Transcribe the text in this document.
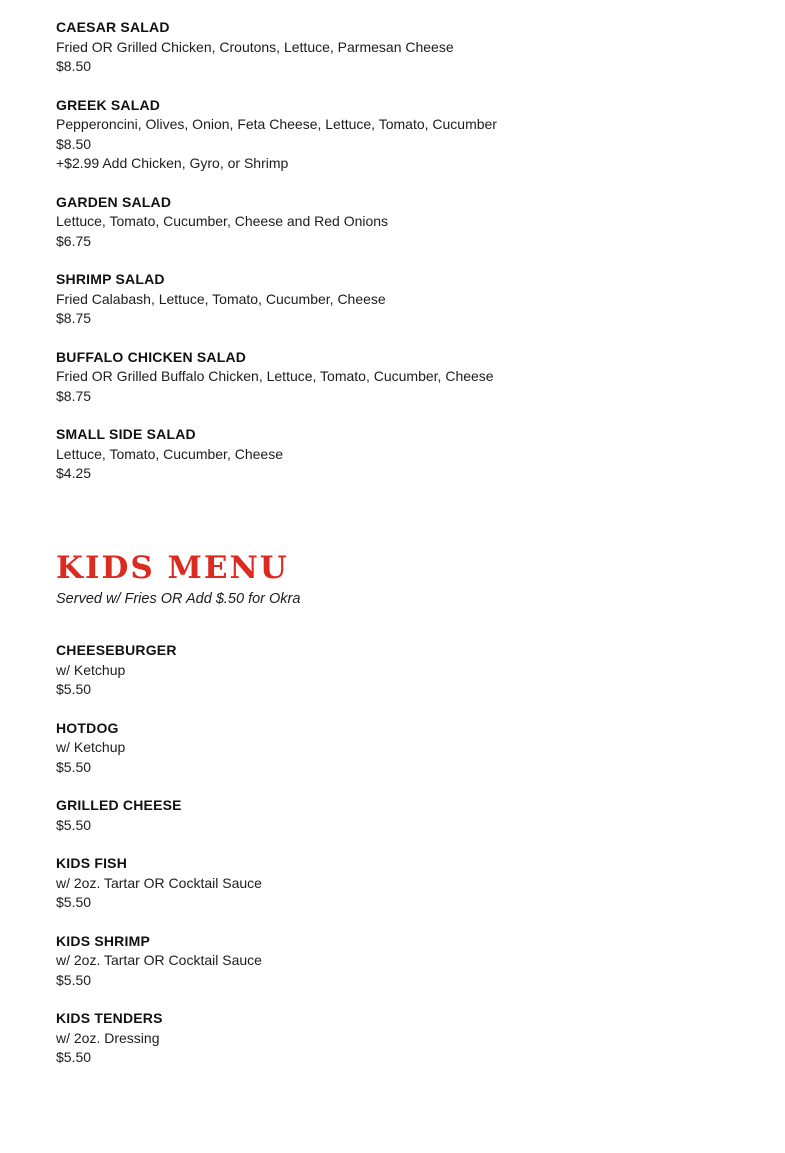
CAESAR SALAD
Fried OR Grilled Chicken, Croutons, Lettuce, Parmesan Cheese
$8.50
GREEK SALAD
Pepperoncini, Olives, Onion, Feta Cheese, Lettuce, Tomato, Cucumber
$8.50
+$2.99 Add Chicken, Gyro, or Shrimp
GARDEN SALAD
Lettuce, Tomato, Cucumber, Cheese and Red Onions
$6.75
SHRIMP SALAD
Fried Calabash, Lettuce, Tomato, Cucumber, Cheese
$8.75
BUFFALO CHICKEN SALAD
Fried OR Grilled Buffalo Chicken, Lettuce, Tomato, Cucumber, Cheese
$8.75
SMALL SIDE SALAD
Lettuce, Tomato, Cucumber, Cheese
$4.25
KIDS MENU
Served w/ Fries OR Add $.50 for Okra
CHEESEBURGER
w/ Ketchup
$5.50
HOTDOG
w/ Ketchup
$5.50
GRILLED CHEESE
$5.50
KIDS FISH
w/ 2oz. Tartar OR Cocktail Sauce
$5.50
KIDS SHRIMP
w/ 2oz. Tartar OR Cocktail Sauce
$5.50
KIDS TENDERS
w/ 2oz. Dressing
$5.50
